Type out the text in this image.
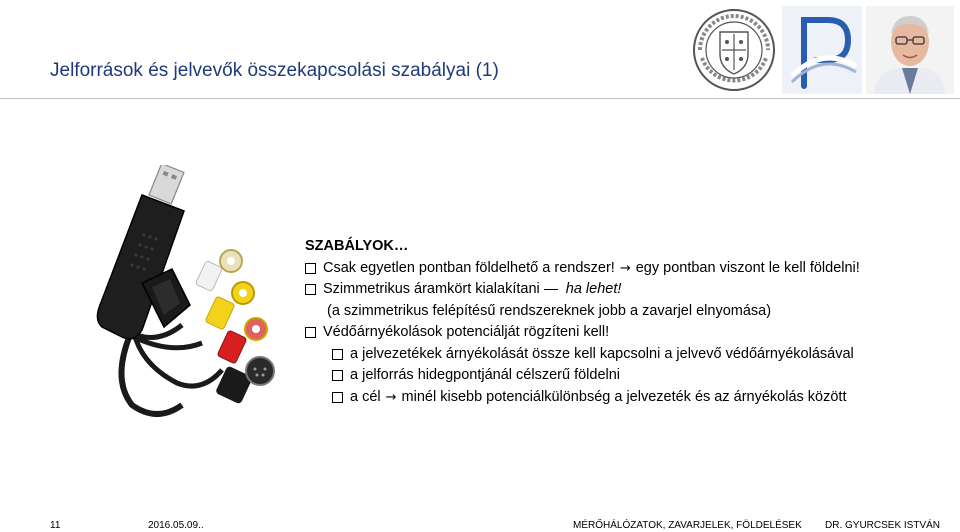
Jelforrások és jelvevők összekapcsolási szabályai (1)
SZABÁLYOK…
Csak egyetlen pontban földelhető a rendszer! → egy pontban viszont le kell földelni!
Szimmetrikus áramkört kialakítani ha lehet!
(a szimmetrikus felépítésű rendszereknek jobb a zavarjel elnyomása)
Védőárnyékolások potenciálját rögzíteni kell!
a jelvezetékek árnyékolását össze kell kapcsolni a jelvevő védőárnyékolásával
a jelforrás hidegpontjánál célszerű földelni
a cél → minél kisebb potenciálkülönbség a jelvezeték és az árnyékolás között
11	2016.05.09..	MÉRŐHÁLÓZATOK, ZAVARJELEK, FÖLDELÉSEK DR. GYURCSEK ISTVÁN
